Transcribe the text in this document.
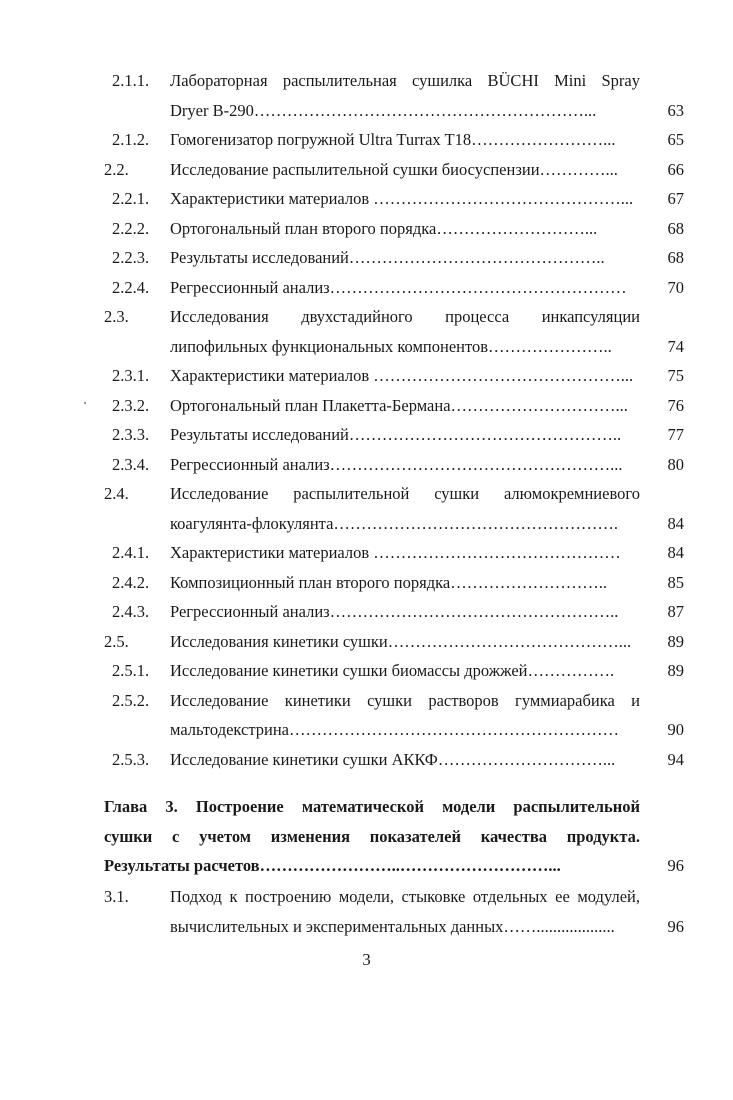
2.1.1. Лабораторная распылительная сушилка BÜCHI Mini Spray
Dryer B-290……………………………………………………...	63
2.1.2. Гомогенизатор погружной Ultra Turrax T18……………………...	65
2.2.	Исследование распылительной сушки биосуспензии…………...	66
2.2.1. Характеристики материалов ………………………………………...	67
2.2.2. Ортогональный план второго порядка………………………...	68
2.2.3. Результаты исследований………………………………………..	68
2.2.4. Регрессионный анализ………………………………………………	70
2.3.	Исследования двухстадийного процесса инкапсуляции
липофильных функциональных компонентов…………………..	74
2.3.1. Характеристики материалов ………………………………………...	75
2.3.2. Ортогональный план Плакетта-Бермана…………………………...	76
2.3.3. Результаты исследований…………………………………………..	77
2.3.4. Регрессионный анализ……………………………………………...	80
2.4.	Исследование распылительной сушки алюмокремниевого
коагулянта-флокулянта…………………………………………….	84
2.4.1. Характеристики материалов ………………………………………	84
2.4.2. Композиционный план второго порядка………………………..	85
2.4.3. Регрессионный анализ……………………………………………..	87
2.5.	Исследования кинетики сушки……………………………………...	89
2.5.1. Исследование кинетики сушки биомассы дрожжей…………….	89
2.5.2. Исследование кинетики сушки растворов гуммиарабика и
мальтодекстрина……………………………………………………	90
2.5.3. Исследование кинетики сушки АККФ…………………………...	94
Глава 3. Построение математической модели распылительной
сушки с учетом изменения показателей качества продукта.
Результаты расчетов……………………..………………………...	96
3.1.	Подход к построению модели, стыковке отдельных ее модулей,
вычислительных и экспериментальных данных……...................	96
3
